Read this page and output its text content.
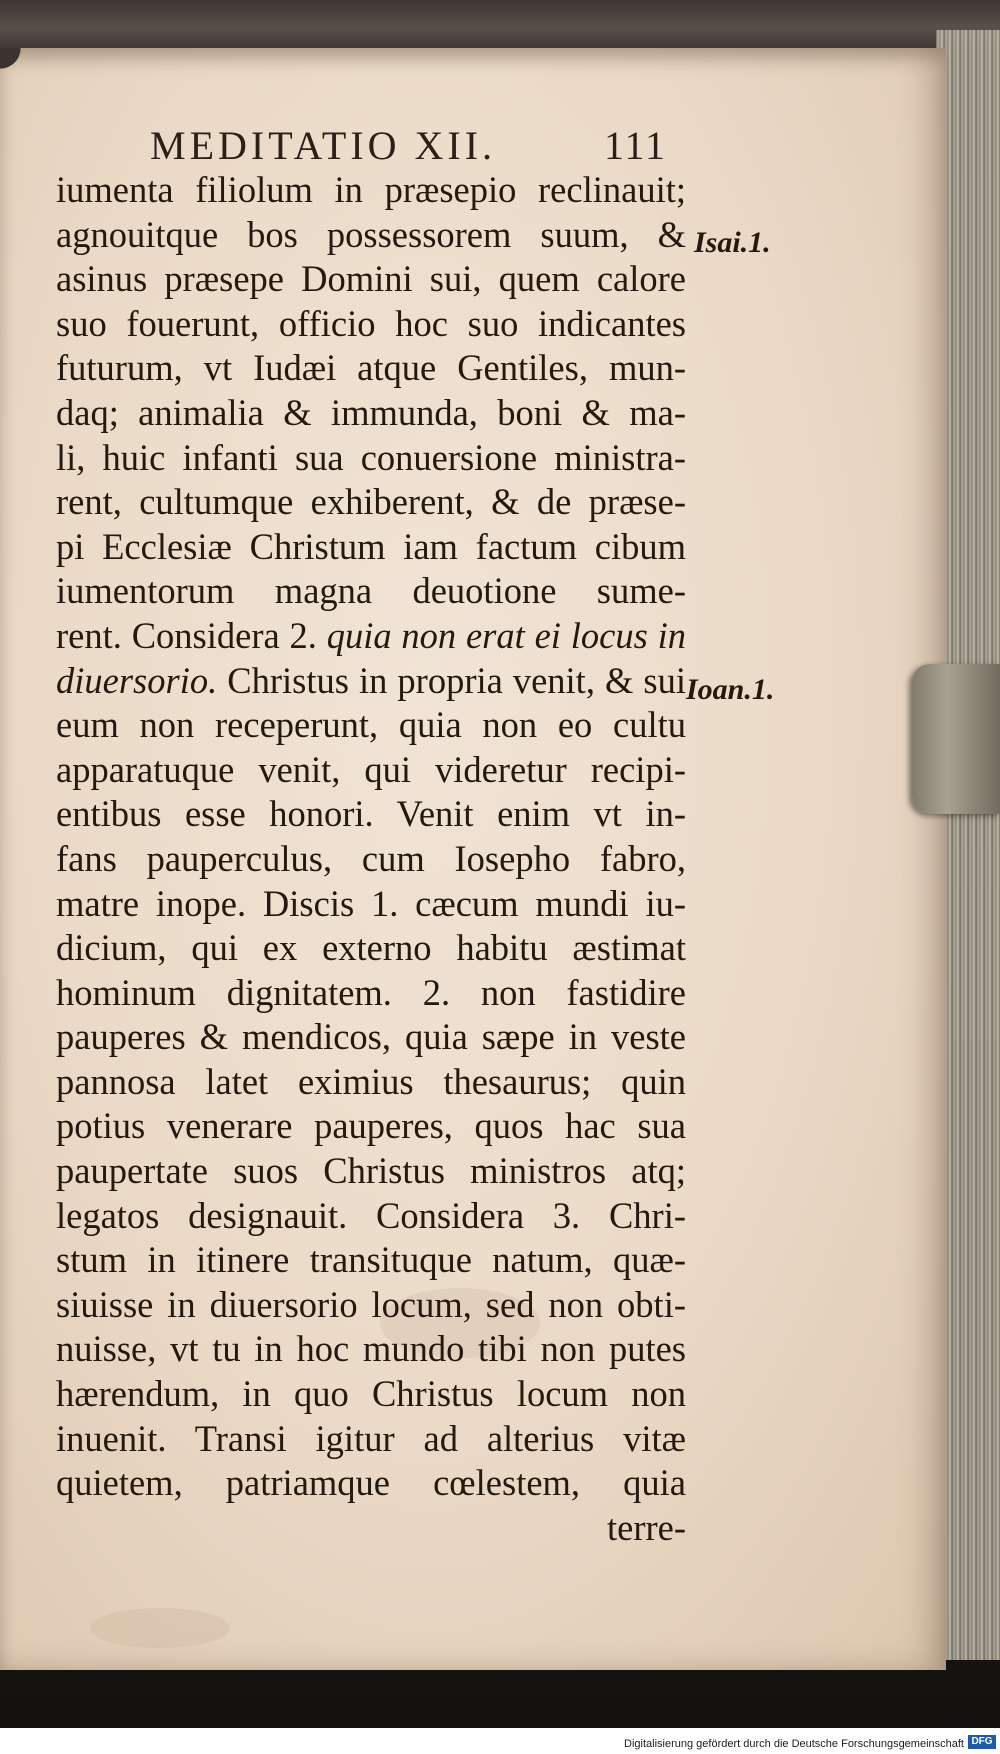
MEDITATIO XII.	111
iumenta filiolum in præsepio reclinauit;
agnouitque bos possessorem suum, &
asinus præsepe Domini sui, quem calore
suo fouerunt, officio hoc suo indicantes
futurum, vt Iudæi atque Gentiles, mun-
daq; animalia & immunda, boni & ma-
li, huic infanti sua conuersione ministra-
rent, cultumque exhiberent, & de præse-
pi Ecclesiæ Christum iam factum cibum
iumentorum magna deuotione sume-
rent. Considera 2. quia non erat ei locus in
diuersorio. Christus in propria venit, & sui
eum non receperunt, quia non eo cultu
apparatuque venit, qui videretur recipi-
entibus esse honori. Venit enim vt in-
fans pauperculus, cum Iosepho fabro,
matre inope. Discis 1. cæcum mundi iu-
dicium, qui ex externo habitu æstimat
hominum dignitatem. 2. non fastidire
pauperes & mendicos, quia sæpe in veste
pannosa latet eximius thesaurus; quin
potius venerare pauperes, quos hac sua
paupertate suos Christus ministros atq;
legatos designauit. Considera 3. Chri-
stum in itinere transituque natum, quæ-
siuisse in diuersorio locum, sed non obti-
nuisse, vt tu in hoc mundo tibi non putes
hærendum, in quo Christus locum non
inuenit. Transi igitur ad alterius vitæ
quietem, patriamque cœlestem, quia
terre-
Isai.1.
Ioan.1.
Digitalisierung gefördert durch die Deutsche Forschungsgemeinschaft DFG
